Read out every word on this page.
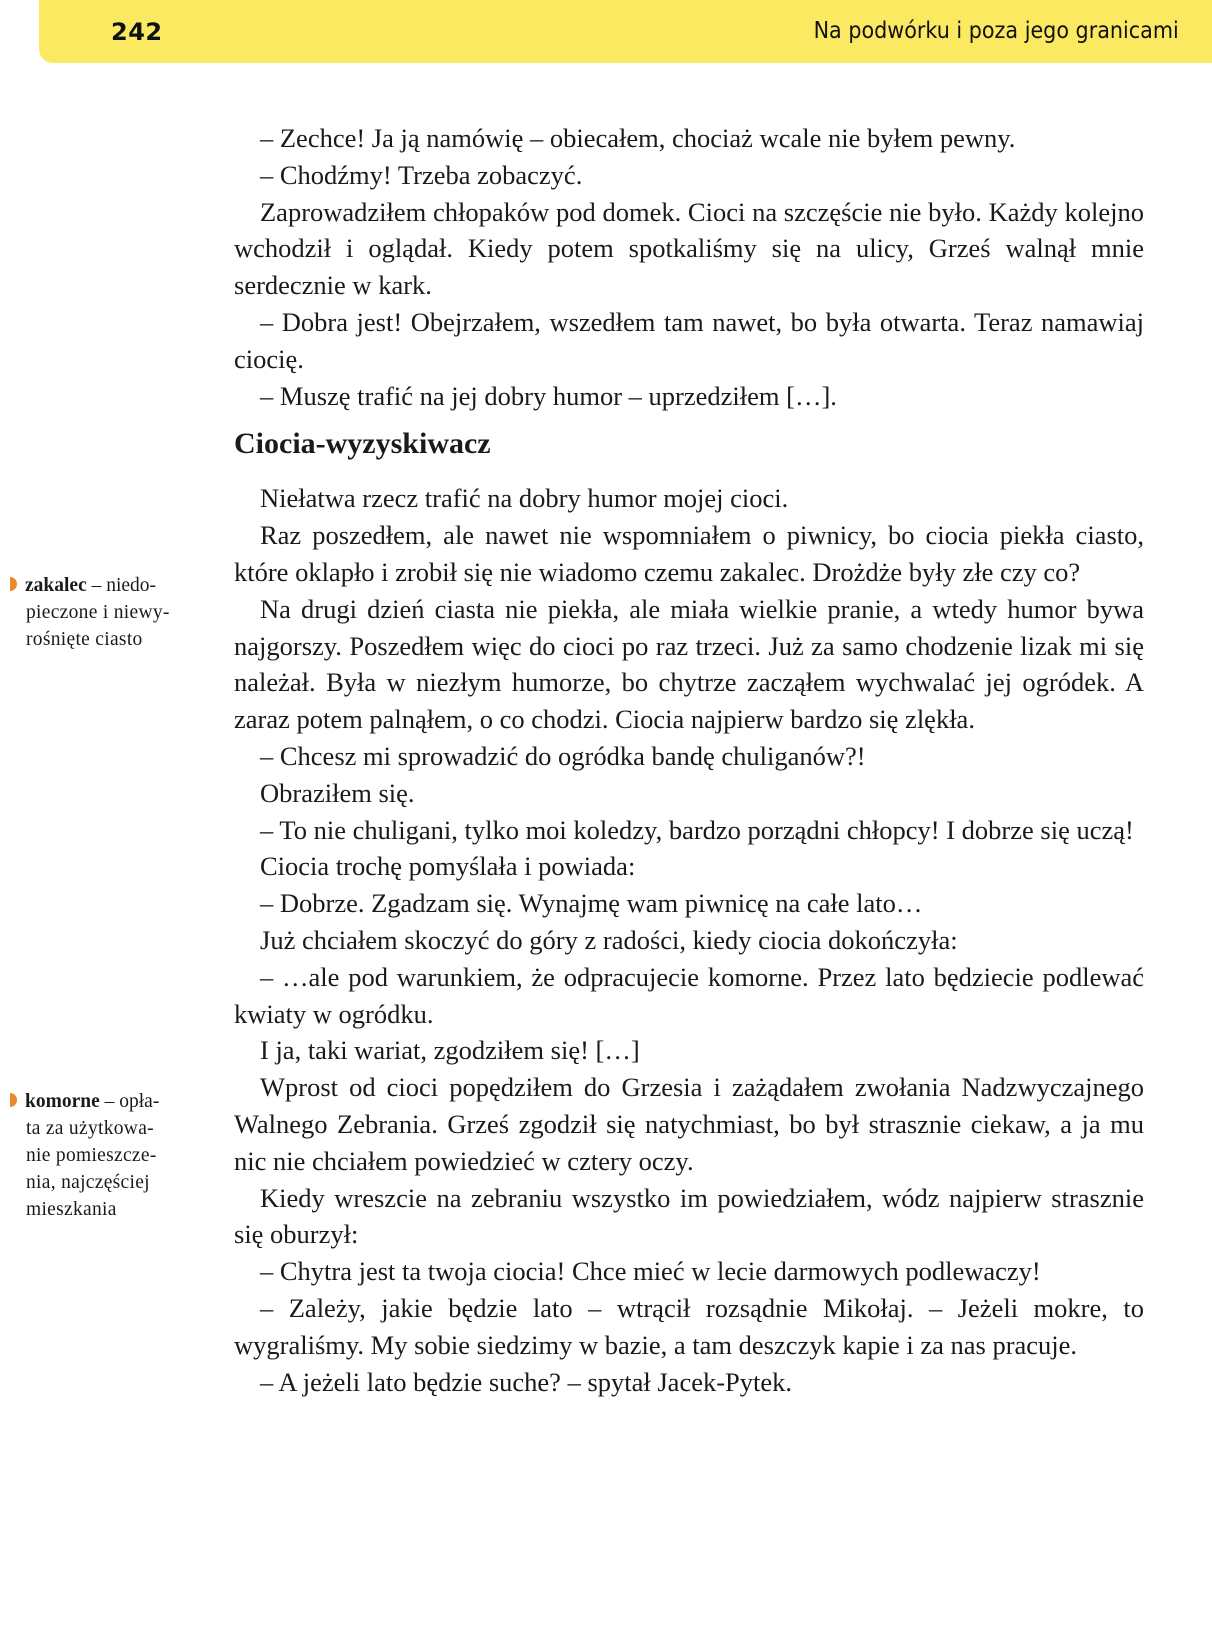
242	Na podwórku i poza jego granicami
zakalec – niedo-
pieczone i niewy-
rośnięte ciasto
komorne – opła-
ta za użytkowa-
nie pomieszcze-
nia, najczęściej
mieszkania

– Zechce! Ja ją namówię – obiecałem, chociaż wcale nie byłem pewny.

– Chodźmy! Trzeba zobaczyć.

Zaprowadziłem chłopaków pod domek. Cioci na szczęście nie było. Każdy kolejno wchodził i oglądał. Kiedy potem spotkaliśmy się na ulicy, Grześ walnął mnie serdecznie w kark.

– Dobra jest! Obejrzałem, wszedłem tam nawet, bo była otwarta. Teraz namawiaj ciocię.

– Muszę trafić na jej dobry humor – uprzedziłem […].

Ciocia-wyzyskiwacz

Niełatwa rzecz trafić na dobry humor mojej cioci.

Raz poszedłem, ale nawet nie wspomniałem o piwnicy, bo ciocia piekła ciasto, które oklapło i zrobił się nie wiadomo czemu zakalec. Drożdże były złe czy co?

Na drugi dzień ciasta nie piekła, ale miała wielkie pranie, a wtedy humor bywa najgorszy. Poszedłem więc do cioci po raz trzeci. Już za samo chodzenie lizak mi się należał. Była w niezłym humorze, bo chytrze zacząłem wychwalać jej ogródek. A zaraz potem palnąłem, o co chodzi. Ciocia najpierw bardzo się zlękła.

– Chcesz mi sprowadzić do ogródka bandę chuliganów?!

Obraziłem się.

– To nie chuligani, tylko moi koledzy, bardzo porządni chłopcy! I dobrze się uczą!

Ciocia trochę pomyślała i powiada:

– Dobrze. Zgadzam się. Wynajmę wam piwnicę na całe lato…

Już chciałem skoczyć do góry z radości, kiedy ciocia dokończyła:

– …ale pod warunkiem, że odpracujecie komorne. Przez lato będziecie podlewać kwiaty w ogródku.

I ja, taki wariat, zgodziłem się! […]

Wprost od cioci popędziłem do Grzesia i zażądałem zwołania Nadzwyczajnego Walnego Zebrania. Grześ zgodził się natychmiast, bo był strasznie ciekaw, a ja mu nic nie chciałem powiedzieć w cztery oczy.

Kiedy wreszcie na zebraniu wszystko im powiedziałem, wódz najpierw strasznie się oburzył:

– Chytra jest ta twoja ciocia! Chce mieć w lecie darmowych podlewaczy!

– Zależy, jakie będzie lato – wtrącił rozsądnie Mikołaj. – Jeżeli mokre, to wygraliśmy. My sobie siedzimy w bazie, a tam deszczyk kapie i za nas pracuje.

– A jeżeli lato będzie suche? – spytał Jacek-Pytek.
